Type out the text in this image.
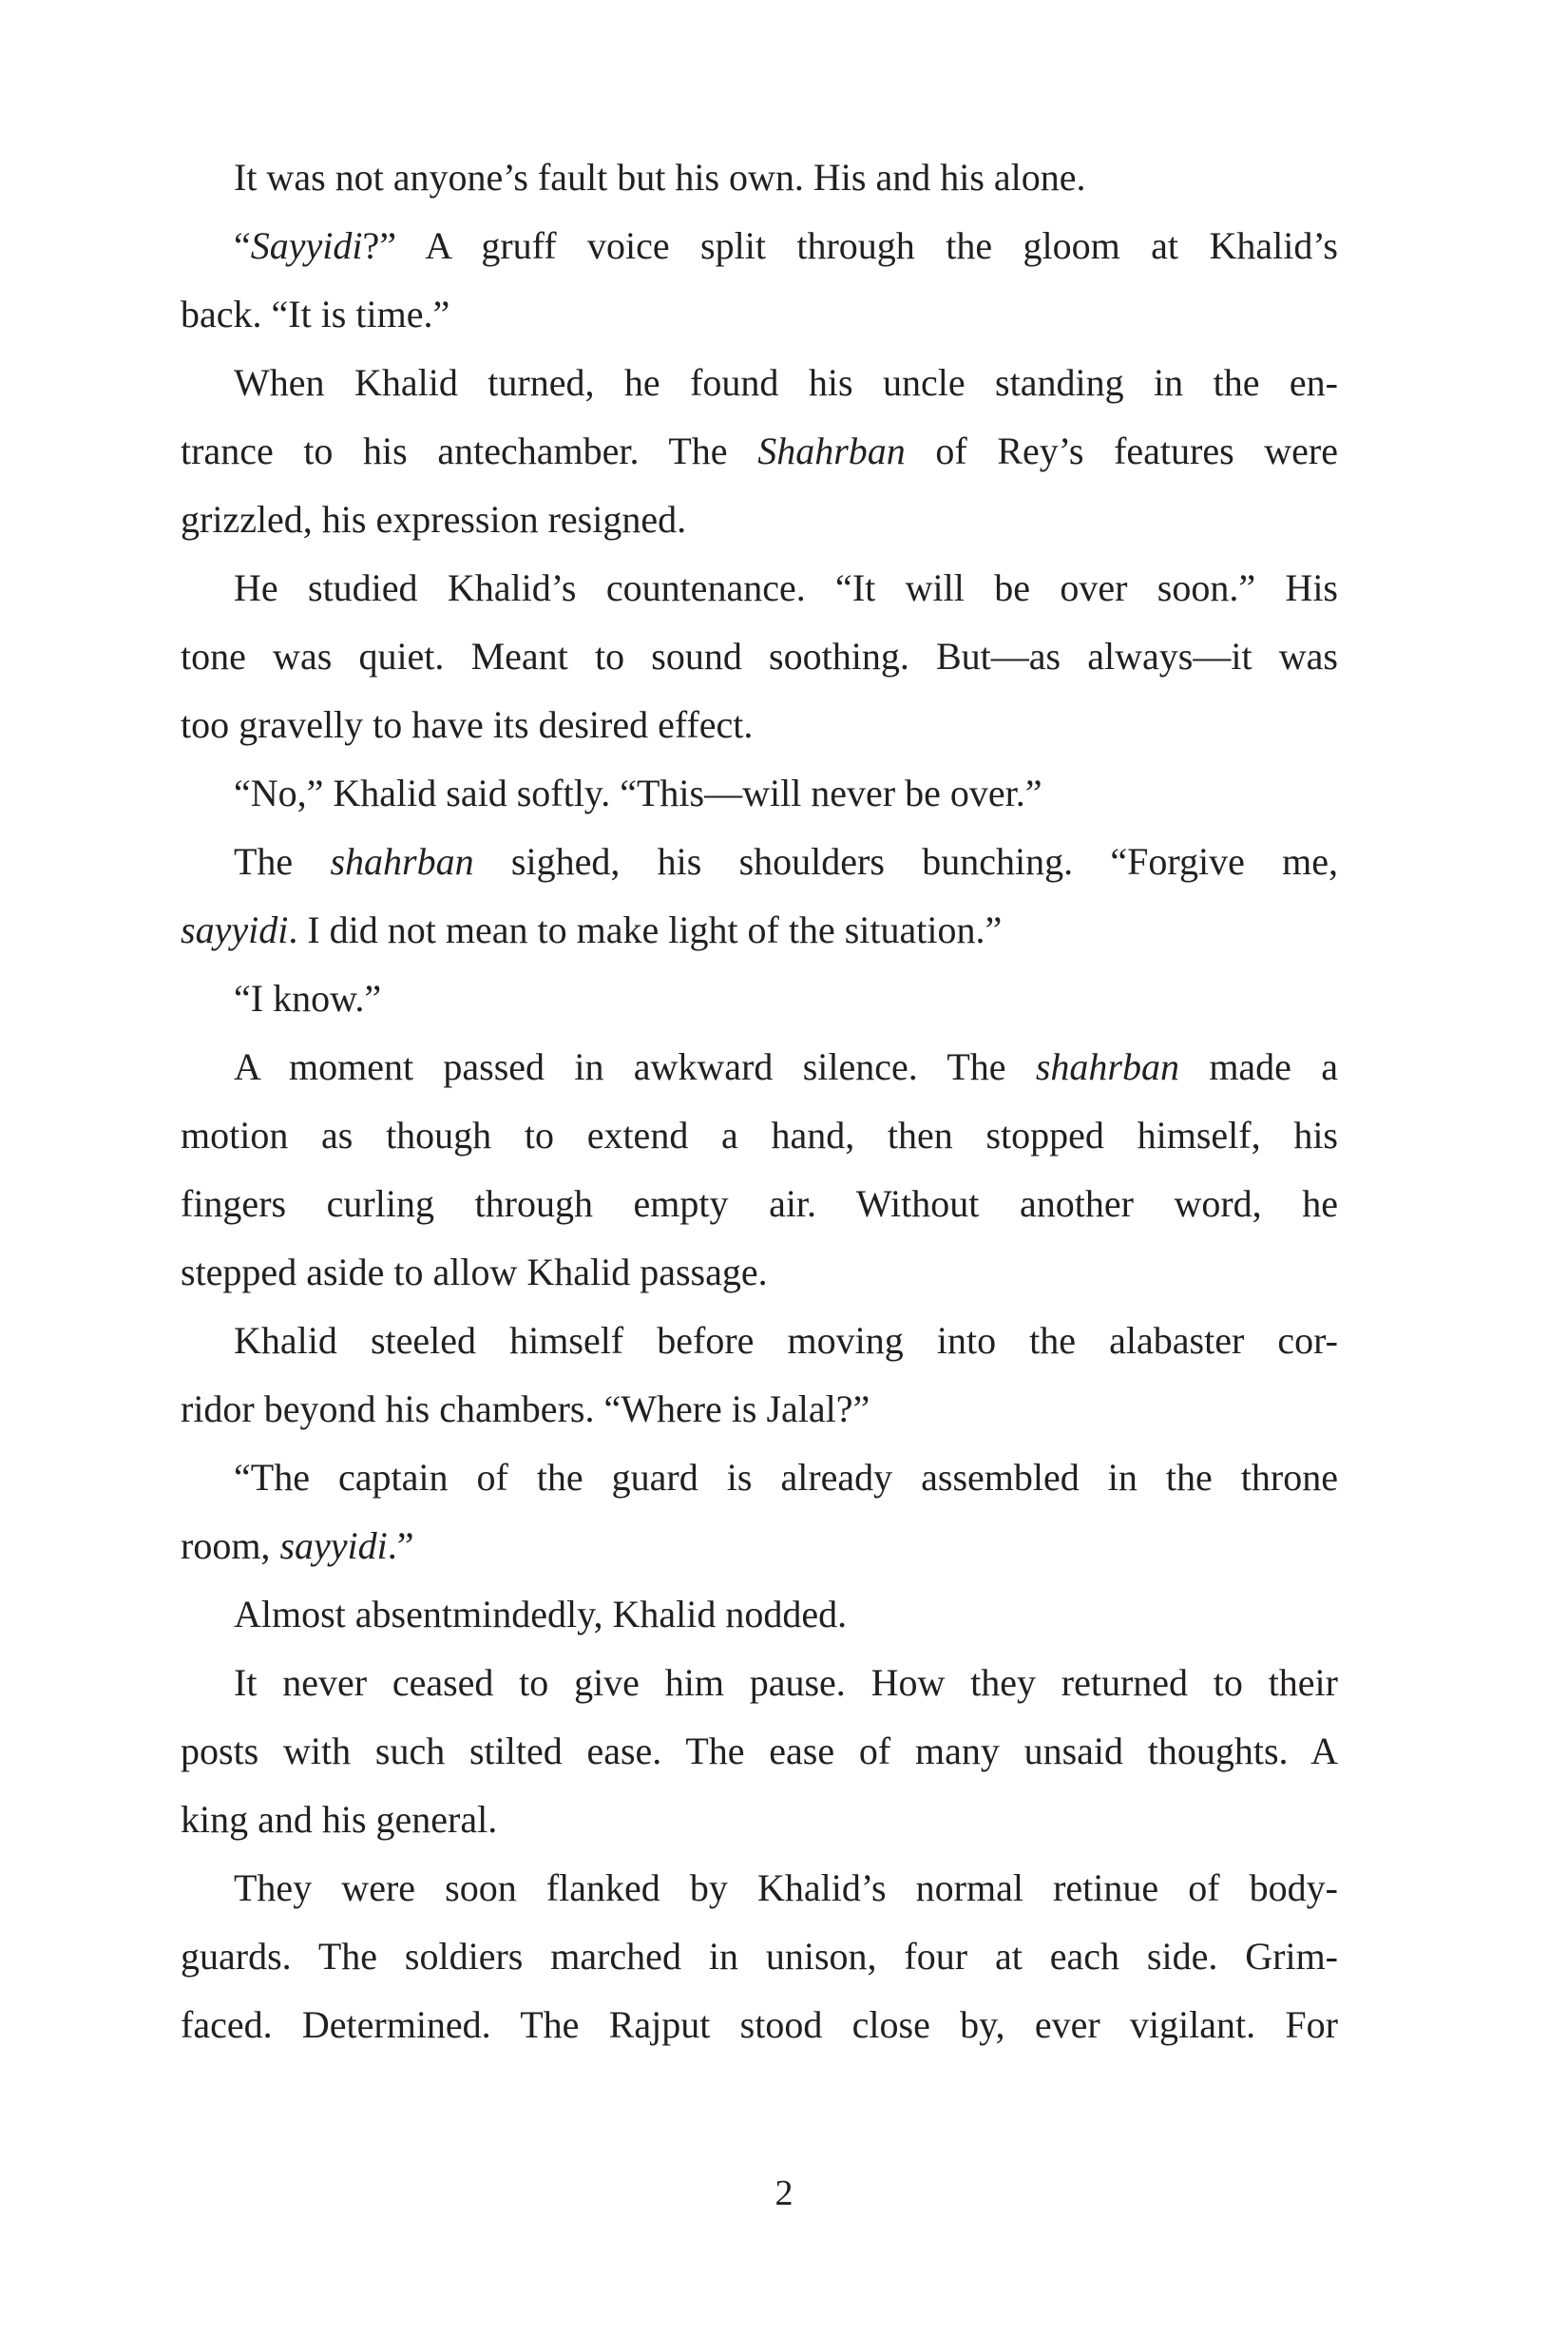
It was not anyone’s fault but his own. His and his alone.
“Sayyidi?” A gruff voice split through the gloom at Khalid’s
back. “It is time.”
When Khalid turned, he found his uncle standing in the en-
trance to his antechamber. The Shahrban of Rey’s features were
grizzled, his expression resigned.
He studied Khalid’s countenance. “It will be over soon.” His
tone was quiet. Meant to sound soothing. But—as always—it was
too gravelly to have its desired effect.
“No,” Khalid said softly. “This—will never be over.”
The shahrban sighed, his shoulders bunching. “Forgive me,
sayyidi. I did not mean to make light of the situation.”
“I know.”
A moment passed in awkward silence. The shahrban made a
motion as though to extend a hand, then stopped himself, his
fingers curling through empty air. Without another word, he
stepped aside to allow Khalid passage.
Khalid steeled himself before moving into the alabaster cor-
ridor beyond his chambers. “Where is Jalal?”
“The captain of the guard is already assembled in the throne
room, sayyidi.”
Almost absentmindedly, Khalid nodded.
It never ceased to give him pause. How they returned to their
posts with such stilted ease. The ease of many unsaid thoughts. A
king and his general.
They were soon flanked by Khalid’s normal retinue of body-
guards. The soldiers marched in unison, four at each side. Grim-
faced. Determined. The Rajput stood close by, ever vigilant. For
2
